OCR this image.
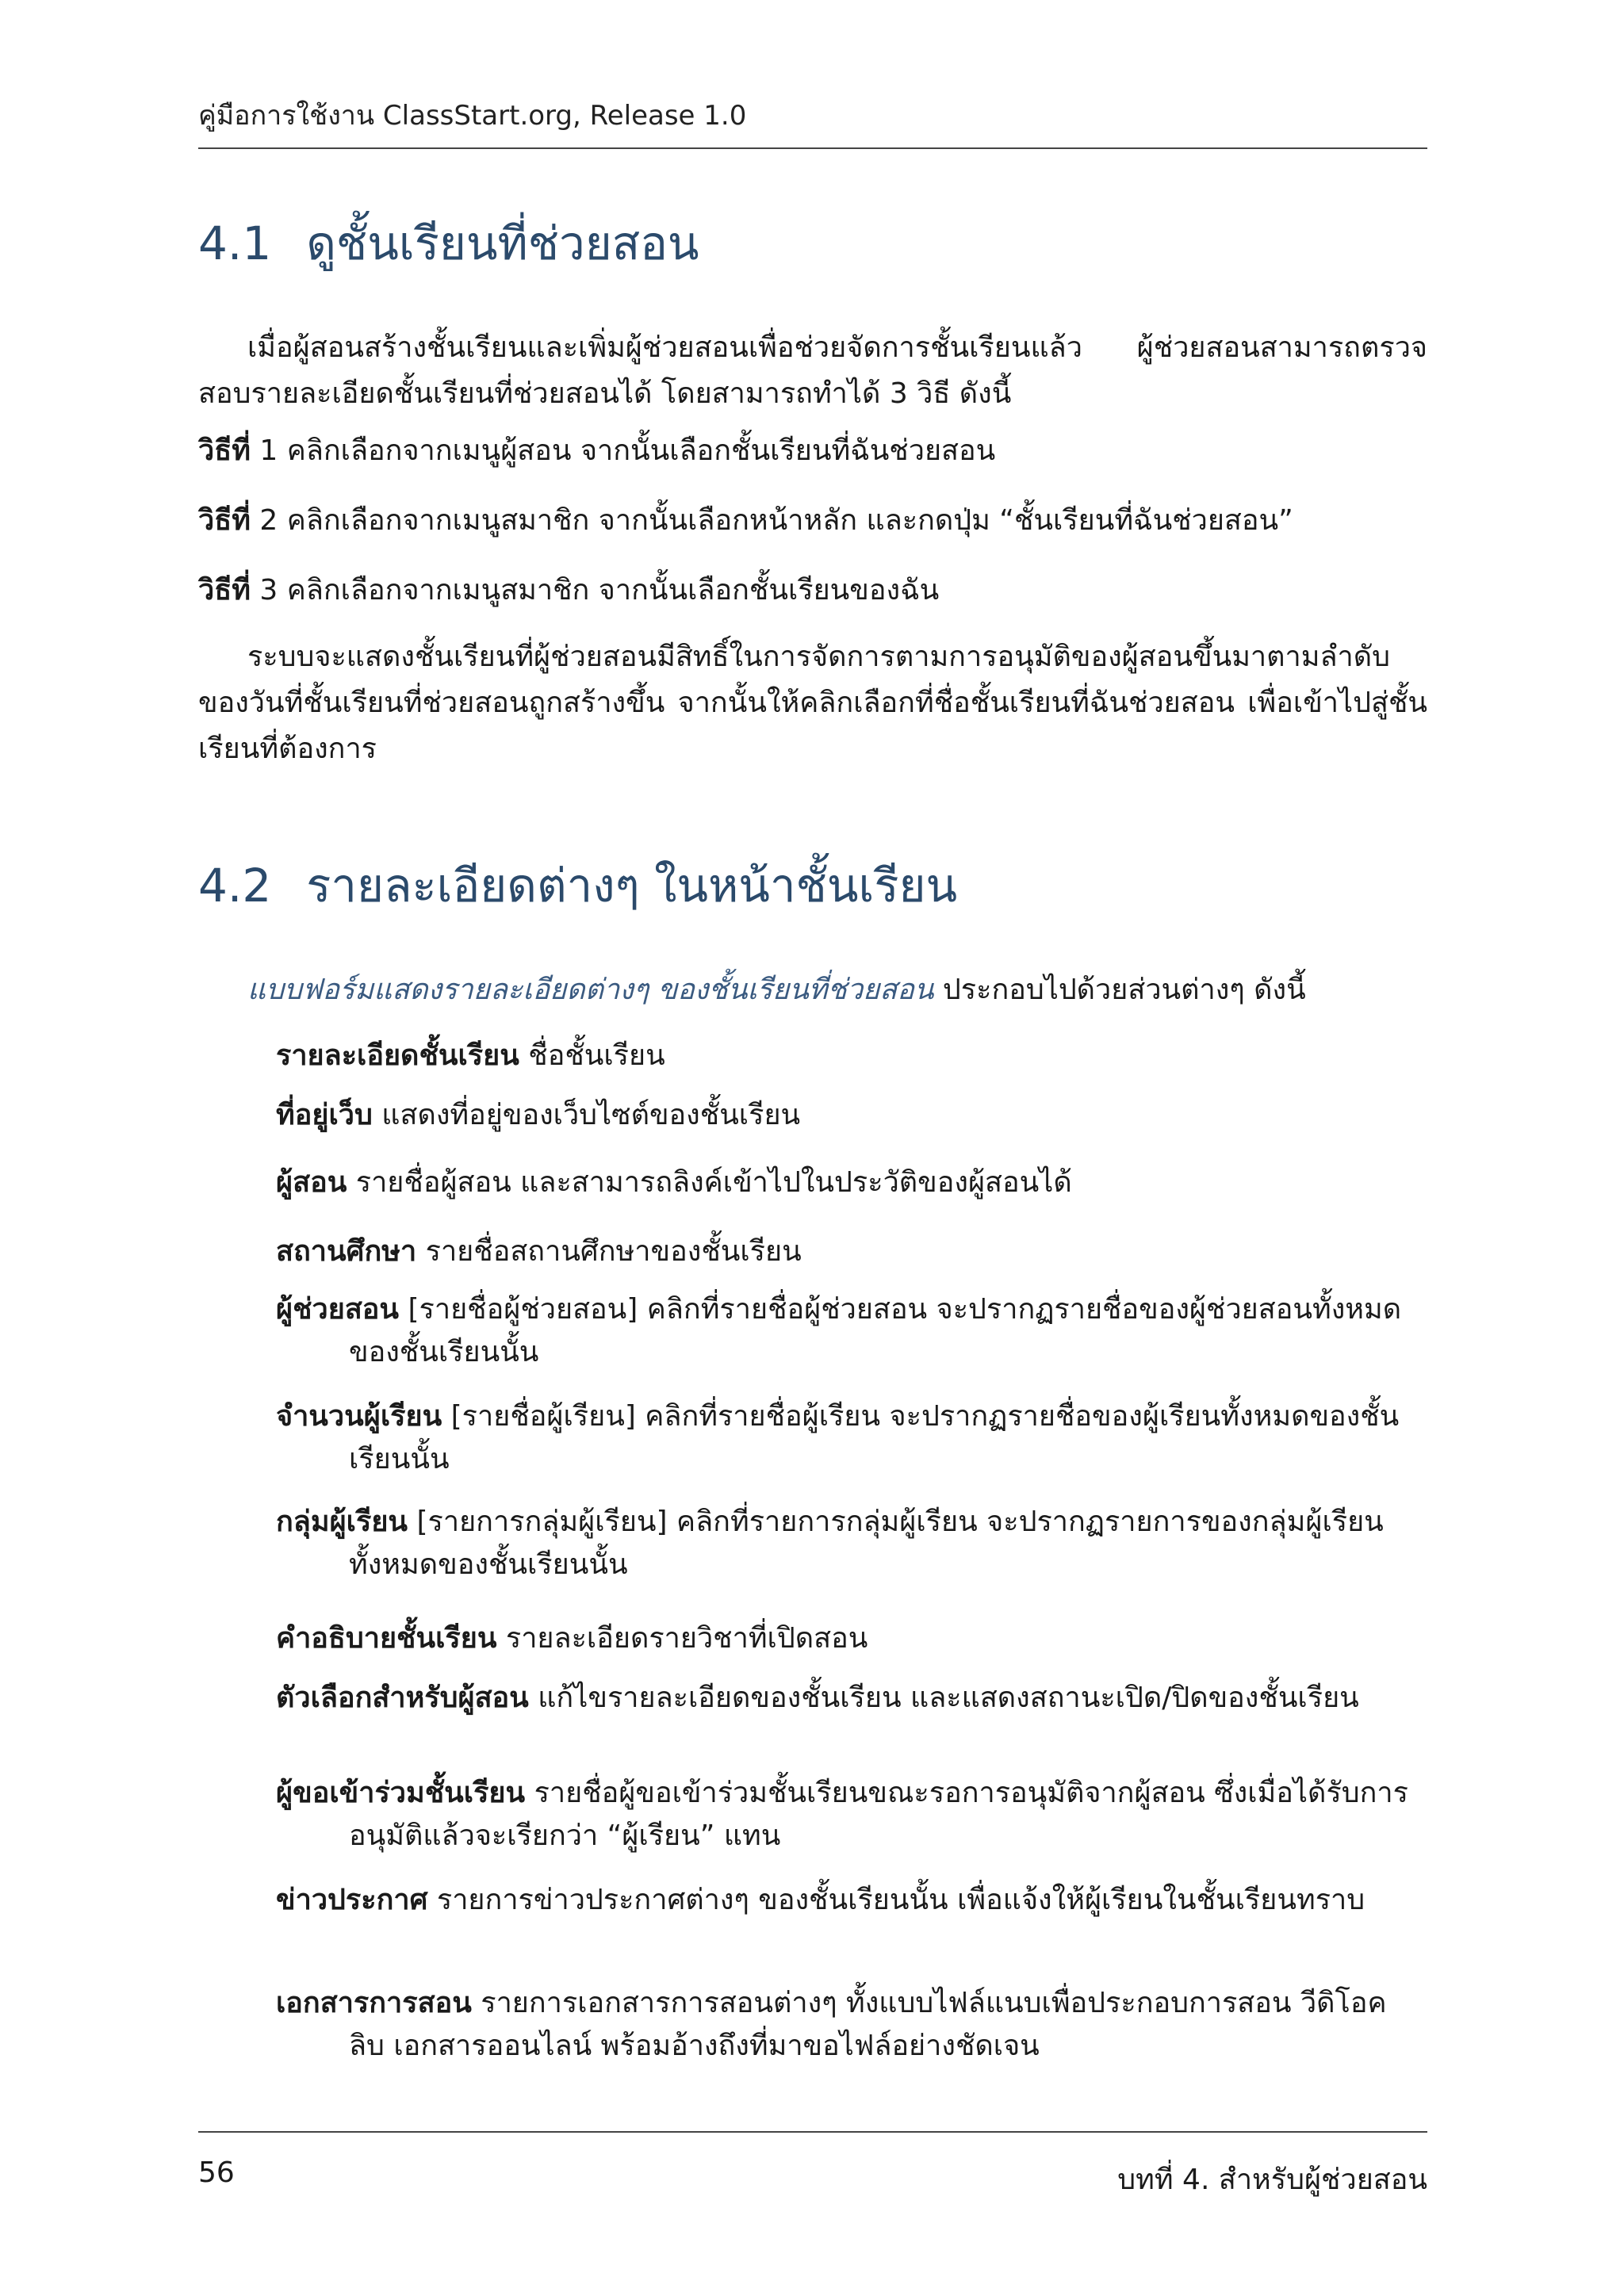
คู่มือการใช้งาน ClassStart.org, Release 1.0
4.1 ดูชั้นเรียนที่ช่วยสอน

เมื่อผู้สอนสร้างชั้นเรียนและเพิ่มผู้ช่วยสอนเพื่อช่วยจัดการชั้นเรียนแล้ว ผู้ช่วยสอนสามารถตรวจสอบรายละเอียดชั้นเรียนที่ช่วยสอนได้ โดยสามารถทำได้ 3 วิธี ดังนี้

วิธีที่ 1 คลิกเลือกจากเมนูผู้สอน จากนั้นเลือกชั้นเรียนที่ฉันช่วยสอน

วิธีที่ 2 คลิกเลือกจากเมนูสมาชิก จากนั้นเลือกหน้าหลัก และกดปุ่ม “ชั้นเรียนที่ฉันช่วยสอน”

วิธีที่ 3 คลิกเลือกจากเมนูสมาชิก จากนั้นเลือกชั้นเรียนของฉัน

ระบบจะแสดงชั้นเรียนที่ผู้ช่วยสอนมีสิทธิ์ในการจัดการตามการอนุมัติของผู้สอนขึ้นมาตามลำดับของวันที่ชั้นเรียนที่ช่วยสอนถูกสร้างขึ้น จากนั้นให้คลิกเลือกที่ชื่อชั้นเรียนที่ฉันช่วยสอน เพื่อเข้าไปสู่ชั้นเรียนที่ต้องการ

4.2 รายละเอียดต่างๆ ในหน้าชั้นเรียน

แบบฟอร์มแสดงรายละเอียดต่างๆ ของชั้นเรียนที่ช่วยสอน ประกอบไปด้วยส่วนต่างๆ ดังนี้

รายละเอียดชั้นเรียน ชื่อชั้นเรียน

ที่อยู่เว็บ แสดงที่อยู่ของเว็บไซต์ของชั้นเรียน

ผู้สอน รายชื่อผู้สอน และสามารถลิงค์เข้าไปในประวัติของผู้สอนได้

สถานศึกษา รายชื่อสถานศึกษาของชั้นเรียน

ผู้ช่วยสอน [รายชื่อผู้ช่วยสอน] คลิกที่รายชื่อผู้ช่วยสอน จะปรากฏรายชื่อของผู้ช่วยสอนทั้งหมดของชั้นเรียนนั้น

จำนวนผู้เรียน [รายชื่อผู้เรียน] คลิกที่รายชื่อผู้เรียน จะปรากฏรายชื่อของผู้เรียนทั้งหมดของชั้นเรียนนั้น

กลุ่มผู้เรียน [รายการกลุ่มผู้เรียน] คลิกที่รายการกลุ่มผู้เรียน จะปรากฏรายการของกลุ่มผู้เรียนทั้งหมดของชั้นเรียนนั้น

คำอธิบายชั้นเรียน รายละเอียดรายวิชาที่เปิดสอน

ตัวเลือกสำหรับผู้สอน แก้ไขรายละเอียดของชั้นเรียน และแสดงสถานะเปิด/ปิดของชั้นเรียน

ผู้ขอเข้าร่วมชั้นเรียน รายชื่อผู้ขอเข้าร่วมชั้นเรียนขณะรอการอนุมัติจากผู้สอน ซึ่งเมื่อได้รับการอนุมัติแล้วจะเรียกว่า “ผู้เรียน” แทน

ข่าวประกาศ รายการข่าวประกาศต่างๆ ของชั้นเรียนนั้น เพื่อแจ้งให้ผู้เรียนในชั้นเรียนทราบ

เอกสารการสอน รายการเอกสารการสอนต่างๆ ทั้งแบบไฟล์แนบเพื่อประกอบการสอน วีดิโอคลิบ เอกสารออนไลน์ พร้อมอ้างถึงที่มาขอไฟล์อย่างชัดเจน

56	บทที่ 4. สำหรับผู้ช่วยสอน
